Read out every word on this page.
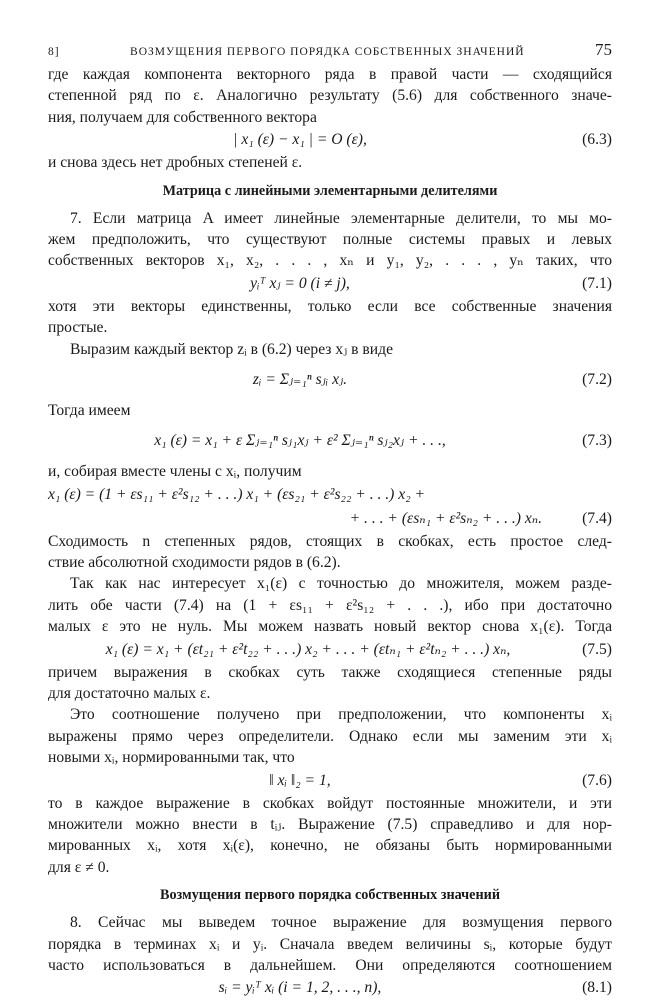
8]	ВОЗМУЩЕНИЯ ПЕРВОГО ПОРЯДКА СОБСТВЕННЫХ ЗНАЧЕНИЙ	75
где каждая компонента векторного ряда в правой части — сходящийся
степенной ряд по ε. Аналогично результату (5.6) для собственного значе-
ния, получаем для собственного вектора
| x₁ (ε) − x₁ | = O (ε),	(6.3)
и снова здесь нет дробных степеней ε.
Матрица с линейными элементарными делителями
7. Если матрица A имеет линейные элементарные делители, то мы мо-
жем предположить, что существуют полные системы правых и левых
собственных векторов x₁, x₂, . . . , xₙ и y₁, y₂, . . . , yₙ таких, что
yᵢᵀ xⱼ = 0 (i ≠ j),	(7.1)
хотя эти векторы единственны, только если все собственные значения
простые.
Выразим каждый вектор zᵢ в (6.2) через xⱼ в виде
zᵢ = Σⱼ₌₁ⁿ sⱼᵢ xⱼ.	(7.2)
Тогда имеем
x₁ (ε) = x₁ + ε Σⱼ₌₁ⁿ sⱼ₁xⱼ + ε² Σⱼ₌₁ⁿ sⱼ₂xⱼ + . . .,	(7.3)
и, собирая вместе члены с xᵢ, получим
x₁ (ε) = (1 + εs₁₁ + ε²s₁₂ + . . .) x₁ + (εs₂₁ + ε²s₂₂ + . . .) x₂ +
+ . . . + (εsₙ₁ + ε²sₙ₂ + . . .) xₙ.	(7.4)
Сходимость n степенных рядов, стоящих в скобках, есть простое след-
ствие абсолютной сходимости рядов в (6.2).
Так как нас интересует x₁(ε) с точностью до множителя, можем разде-
лить обе части (7.4) на (1 + εs₁₁ + ε²s₁₂ + . . .), ибо при достаточно
малых ε это не нуль. Мы можем назвать новый вектор снова x₁(ε). Тогда
x₁ (ε) = x₁ + (εt₂₁ + ε²t₂₂ + . . .) x₂ + . . . + (εtₙ₁ + ε²tₙ₂ + . . .) xₙ,	(7.5)
причем выражения в скобках суть также сходящиеся степенные ряды
для достаточно малых ε.
Это соотношение получено при предположении, что компоненты xᵢ
выражены прямо через определители. Однако если мы заменим эти xᵢ
новыми xᵢ, нормированными так, что
‖ xᵢ ‖₂ = 1,	(7.6)
то в каждое выражение в скобках войдут постоянные множители, и эти
множители можно внести в tᵢⱼ. Выражение (7.5) справедливо и для нор-
мированных xᵢ, хотя xᵢ(ε), конечно, не обязаны быть нормированными
для ε ≠ 0.
Возмущения первого порядка собственных значений
8. Сейчас мы выведем точное выражение для возмущения первого
порядка в терминах xᵢ и yᵢ. Сначала введем величины sᵢ, которые будут
часто использоваться в дальнейшем. Они определяются соотношением
sᵢ = yᵢᵀ xᵢ (i = 1, 2, . . ., n),	(8.1)
